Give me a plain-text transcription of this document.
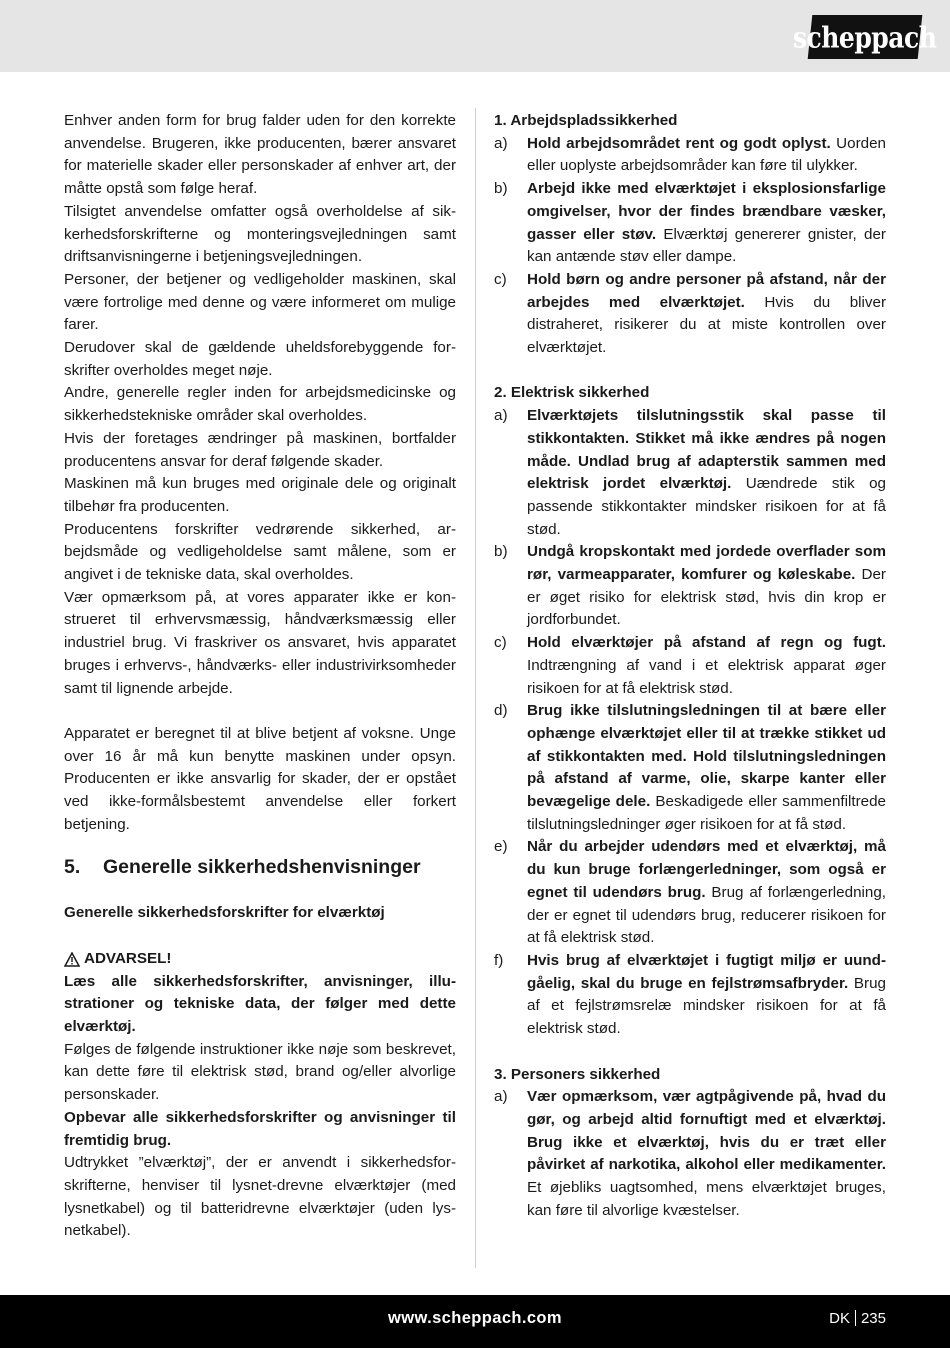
scheppach

Enhver anden form for brug falder uden for den korrekte anvendelse. Brugeren, ikke producenten, bærer ansvaret for materielle skader eller personskader af enhver art, der måtte opstå som følge heraf.

Tilsigtet anvendelse omfatter også overholdelse af sikkerhedsforskrifterne og monteringsvejledningen samt driftsanvisningerne i betjeningsvejledningen.

Personer, der betjener og vedligeholder maskinen, skal være fortrolige med denne og være informeret om mulige farer.

Derudover skal de gældende uheldsforebyggende forskrifter overholdes meget nøje.

Andre, generelle regler inden for arbejdsmedicinske og sikkerhedstekniske områder skal overholdes.

Hvis der foretages ændringer på maskinen, bortfalder producentens ansvar for deraf følgende skader.

Maskinen må kun bruges med originale dele og originalt tilbehør fra producenten.

Producentens forskrifter vedrørende sikkerhed, arbejdsmåde og vedligeholdelse samt målene, som er angivet i de tekniske data, skal overholdes.

Vær opmærksom på, at vores apparater ikke er konstrueret til erhvervsmæssig, håndværksmæssig eller industriel brug. Vi fraskriver os ansvaret, hvis apparatet bruges i erhvervs-, håndværks- eller industrivirksomheder samt til lignende arbejde.

Apparatet er beregnet til at blive betjent af voksne. Unge over 16 år må kun benytte maskinen under opsyn. Producenten er ikke ansvarlig for skader, der er opstået ved ikke-formålsbestemt anvendelse eller forkert betjening.

5.	Generelle sikkerhedshenvisninger

Generelle sikkerhedsforskrifter for elværktøj

ADVARSEL!

Læs alle sikkerhedsforskrifter, anvisninger, illustrationer og tekniske data, der følger med dette elværktøj.

Følges de følgende instruktioner ikke nøje som beskrevet, kan dette føre til elektrisk stød, brand og/eller alvorlige personskader.

Opbevar alle sikkerhedsforskrifter og anvisninger til fremtidig brug.

Udtrykket ”elværktøj”, der er anvendt i sikkerhedsforskrifterne, henviser til lysnet-drevne elværktøjer (med lysnetkabel) og til batteridrevne elværktøjer (uden lysnetkabel).

1. Arbejdspladssikkerhed

a)	Hold arbejdsområdet rent og godt oplyst. Uorden eller uoplyste arbejdsområder kan føre til ulykker.

b)	Arbejd ikke med elværktøjet i eksplosionsfarlige omgivelser, hvor der findes brændbare væsker, gasser eller støv. Elværktøj genererer gnister, der kan antænde støv eller dampe.

c)	Hold børn og andre personer på afstand, når der arbejdes med elværktøjet. Hvis du bliver distraheret, risikerer du at miste kontrollen over elværktøjet.

2. Elektrisk sikkerhed

a)	Elværktøjets tilslutningsstik skal passe til stikkontakten. Stikket må ikke ændres på nogen måde. Undlad brug af adapterstik sammen med elektrisk jordet elværktøj. Uændrede stik og passende stikkontakter mindsker risikoen for at få stød.

b)	Undgå kropskontakt med jordede overflader som rør, varmeapparater, komfurer og køleskabe. Der er øget risiko for elektrisk stød, hvis din krop er jordforbundet.

c)	Hold elværktøjer på afstand af regn og fugt. Indtrængning af vand i et elektrisk apparat øger risikoen for at få elektrisk stød.

d)	Brug ikke tilslutningsledningen til at bære eller ophænge elværktøjet eller til at trække stikket ud af stikkontakten med. Hold tilslutningsledningen på afstand af varme, olie, skarpe kanter eller bevægelige dele. Beskadigede eller sammenfiltrede tilslutningsledninger øger risikoen for at få stød.

e)	Når du arbejder udendørs med et elværktøj, må du kun bruge forlængerledninger, som også er egnet til udendørs brug. Brug af forlængerledning, der er egnet til udendørs brug, reducerer risikoen for at få elektrisk stød.

f)	Hvis brug af elværktøjet i fugtigt miljø er uundgåelig, skal du bruge en fejlstrømsafbryder. Brug af et fejlstrømsrelæ mindsker risikoen for at få elektrisk stød.

3. Personers sikkerhed

a)	Vær opmærksom, vær agtpågivende på, hvad du gør, og arbejd altid fornuftigt med et elværktøj. Brug ikke et elværktøj, hvis du er træt eller påvirket af narkotika, alkohol eller medikamenter. Et øjebliks uagtsomhed, mens elværktøjet bruges, kan føre til alvorlige kvæstelser.

www.scheppach.com	DK 235
